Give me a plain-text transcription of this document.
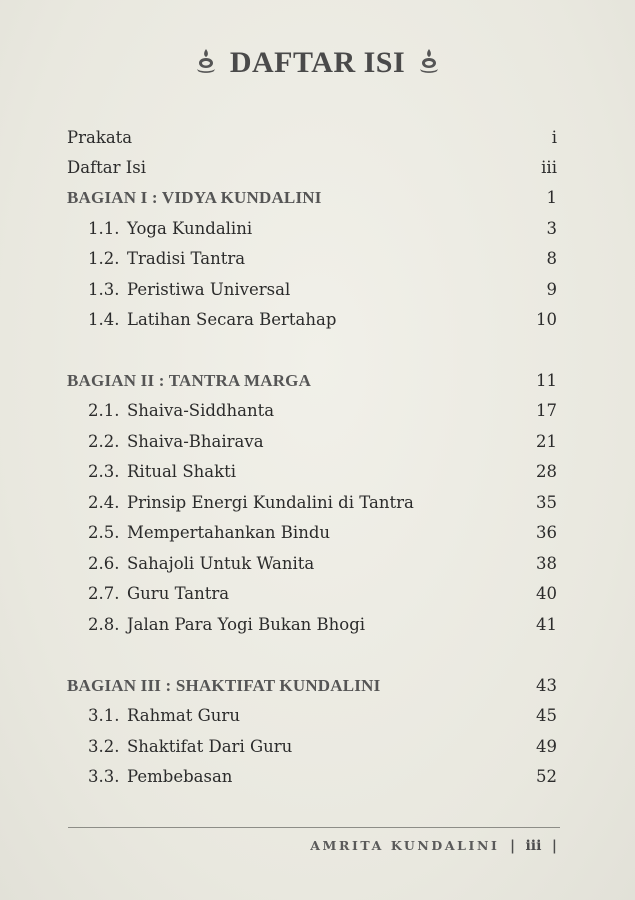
DAFTAR ISI
Prakata	i
Daftar Isi	iii
BAGIAN I : VIDYA KUNDALINI	1
1.1. Yoga Kundalini	3
1.2. Tradisi Tantra	8
1.3. Peristiwa Universal	9
1.4. Latihan Secara Bertahap	10
BAGIAN II : TANTRA MARGA	11
2.1. Shaiva-Siddhanta	17
2.2. Shaiva-Bhairava	21
2.3. Ritual Shakti	28
2.4. Prinsip Energi Kundalini di Tantra	35
2.5. Mempertahankan Bindu	36
2.6. Sahajoli Untuk Wanita	38
2.7. Guru Tantra	40
2.8. Jalan Para Yogi Bukan Bhogi	41
BAGIAN III : SHAKTIFAT KUNDALINI	43
3.1. Rahmat Guru	45
3.2. Shaktifat Dari Guru	49
3.3. Pembebasan	52
AMRITA KUNDALINI | iii |
